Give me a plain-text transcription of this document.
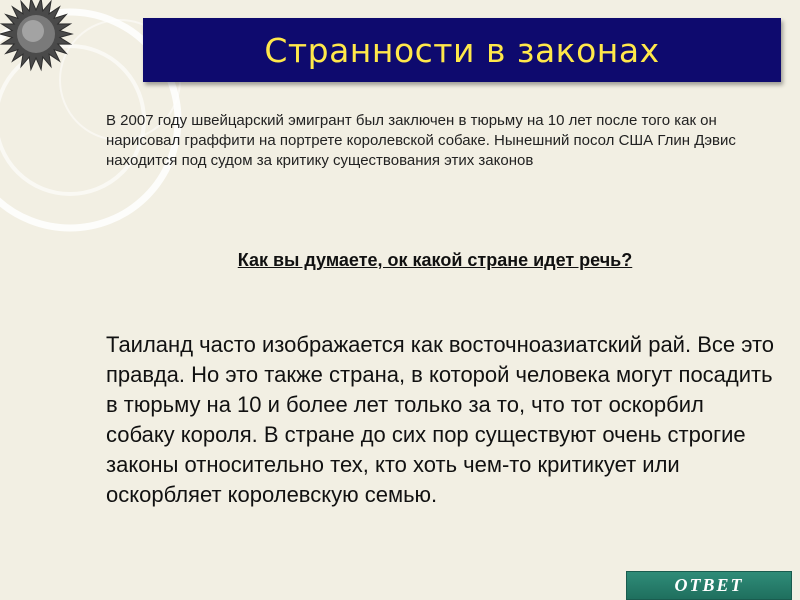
Странности в законах
В 2007 году швейцарский эмигрант был заключен в тюрьму на 10 лет после того как он нарисовал граффити на портрете королевской собаке. Нынешний посол США Глин Дэвис находится под судом за критику существования этих законов
Как вы думаете, ок какой стране идет речь?
Таиланд часто изображается как восточноазиатский рай. Все это правда. Но это также страна, в которой человека могут посадить в тюрьму на 10 и более лет только за то, что тот оскорбил собаку короля. В стране до сих пор существуют очень строгие законы относительно тех, кто хоть чем-то критикует или оскорбляет королевскую семью.
ОТВЕТ
